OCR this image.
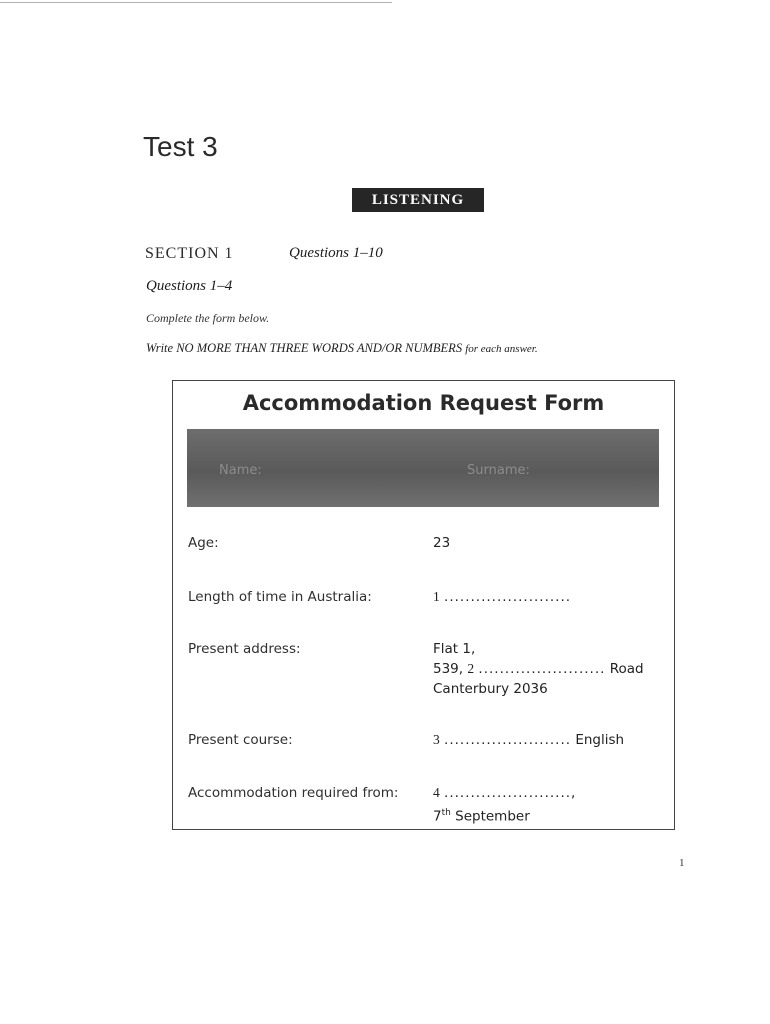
Test 3
LISTENING
SECTION 1	Questions 1–10
Questions 1–4
Complete the form below.
Write NO MORE THAN THREE WORDS AND/OR NUMBERS for each answer.
Accommodation Request Form
Name:	Surname:
Age:	23
Length of time in Australia:	1 ........................
Present address:	Flat 1,
539, 2 ........................ Road
Canterbury 2036
Present course:	3 ........................ English
Accommodation required from:	4 ........................,
7th September
1
